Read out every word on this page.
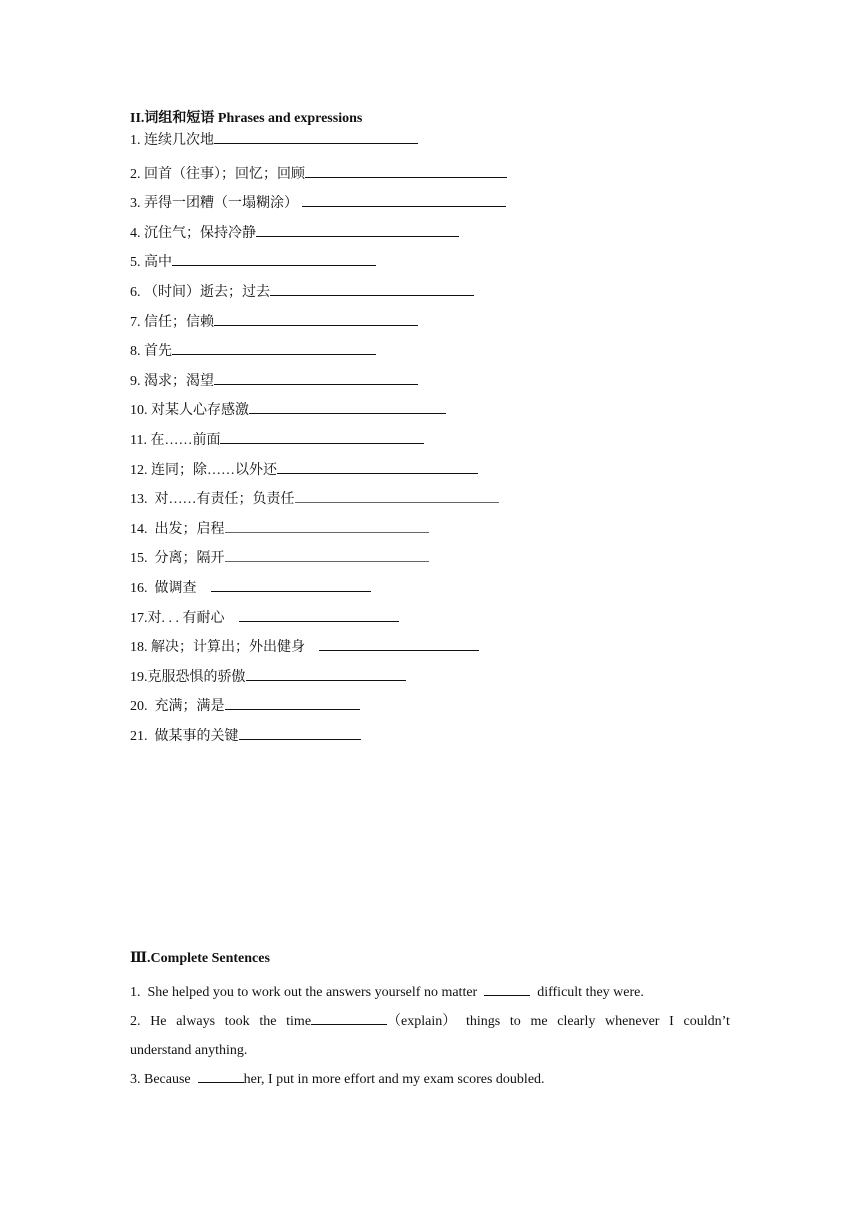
II.词组和短语 Phrases and expressions

1. 连续几次地
2. 回首（往事）；回忆；回顾
3. 弄得一团糟（一塌糊涂）
4. 沉住气；保持冷静
5. 高中
6. （时间）逝去；过去
7. 信任；信赖
8. 首先
9. 渴求；渴望
10. 对某人心存感激
11. 在……前面
12. 连同；除……以外还
13. 对……有责任；负责任
14. 出发；启程
15. 分离；隔开
16. 做调查
17.对. . . 有耐心
18. 解决；计算出；外出健身
19.克服恐惧的骄傲
20. 充满；满是
21. 做某事的关键

Ⅲ.Complete Sentences

1. She helped you to work out the answers yourself no matter	difficult they were.
2. He always took the time	（explain） things to me clearly whenever I couldn’t
understand anything.
3. Because	her, I put in more effort and my exam scores doubled.
